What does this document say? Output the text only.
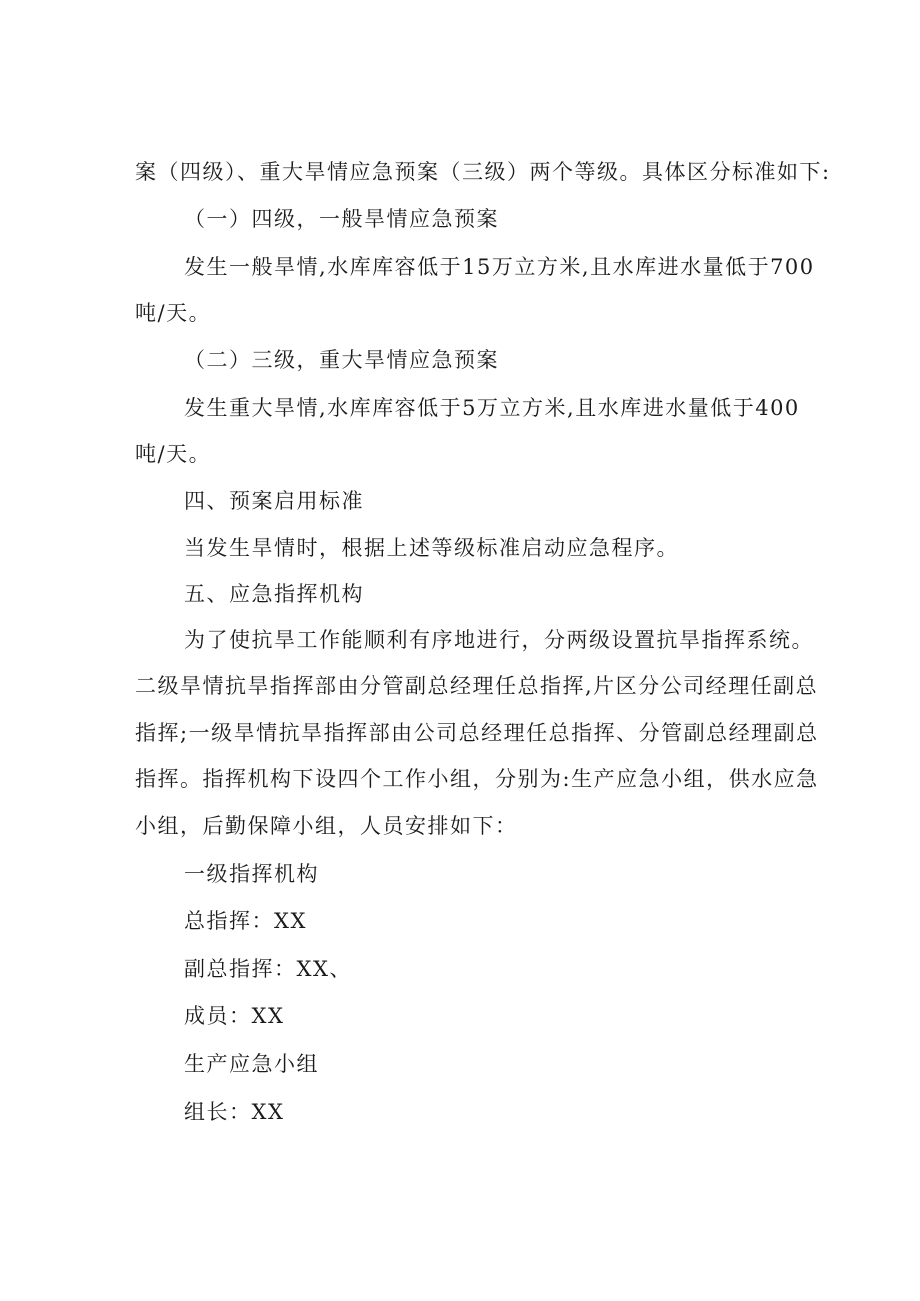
案（四级）、重大旱情应急预案（三级）两个等级。具体区分标准如下:
（一）四级，一般旱情应急预案
发生一般旱情,水库库容低于15万立方米,且水库进水量低于700
吨/天。
（二）三级，重大旱情应急预案
发生重大旱情,水库库容低于5万立方米,且水库进水量低于400
吨/天。
四、预案启用标准
当发生旱情时，根据上述等级标准启动应急程序。
五、应急指挥机构
为了使抗旱工作能顺利有序地进行，分两级设置抗旱指挥系统。
二级旱情抗旱指挥部由分管副总经理任总指挥,片区分公司经理任副总
指挥;一级旱情抗旱指挥部由公司总经理任总指挥、分管副总经理副总
指挥。指挥机构下设四个工作小组，分别为:生产应急小组，供水应急
小组，后勤保障小组，人员安排如下：
一级指挥机构
总指挥：XX
副总指挥：XX、
成员：XX
生产应急小组
组长：XX
